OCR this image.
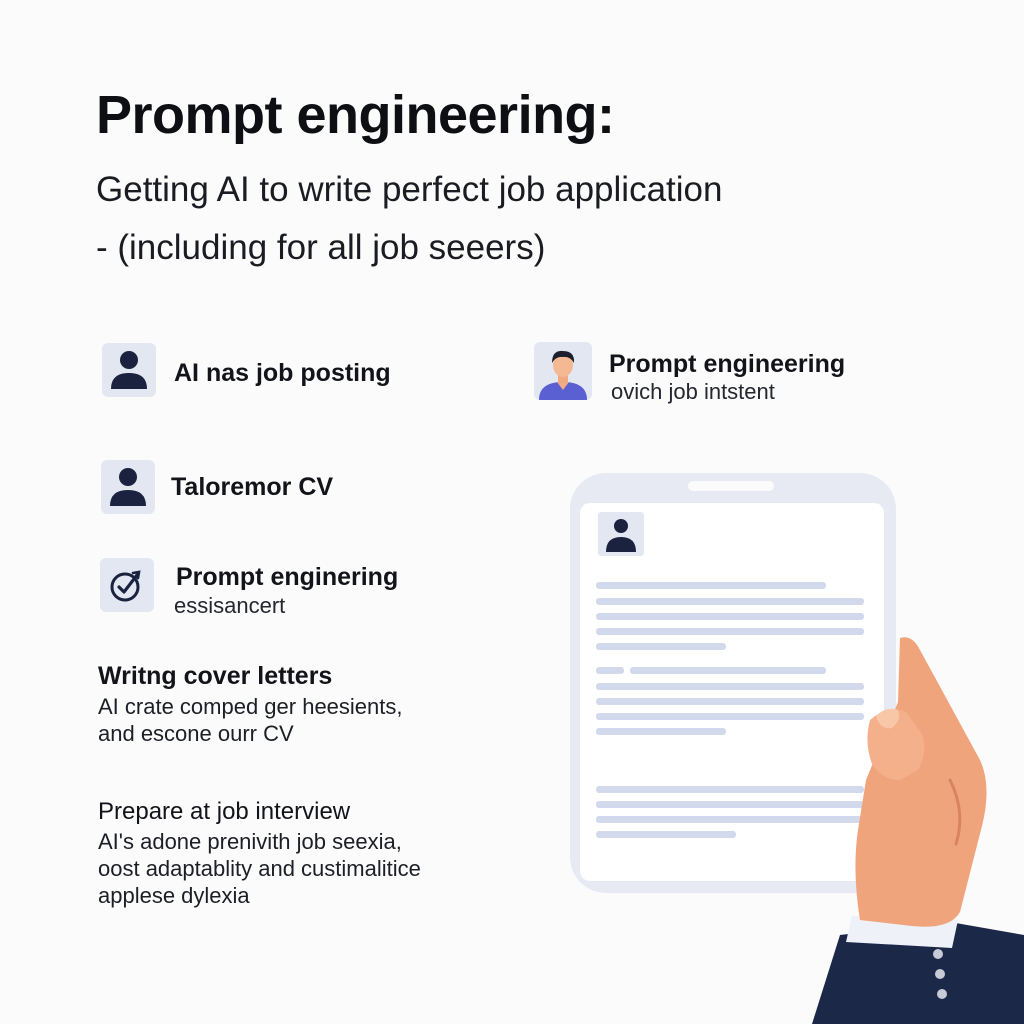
Prompt engineering:

Getting AI to write perfect job application

- (including for all job seeers)

AI nas job posting	Prompt engineering

ovich job intstent

Taloremor CV

Prompt enginering

essisancert

Writng cover letters

AI crate comped ger heesients,

and escone ourr CV

Prepare at job interview

AI's adone prenivith job seexia,

oost adaptablity and custimalitice

applese dylexia
